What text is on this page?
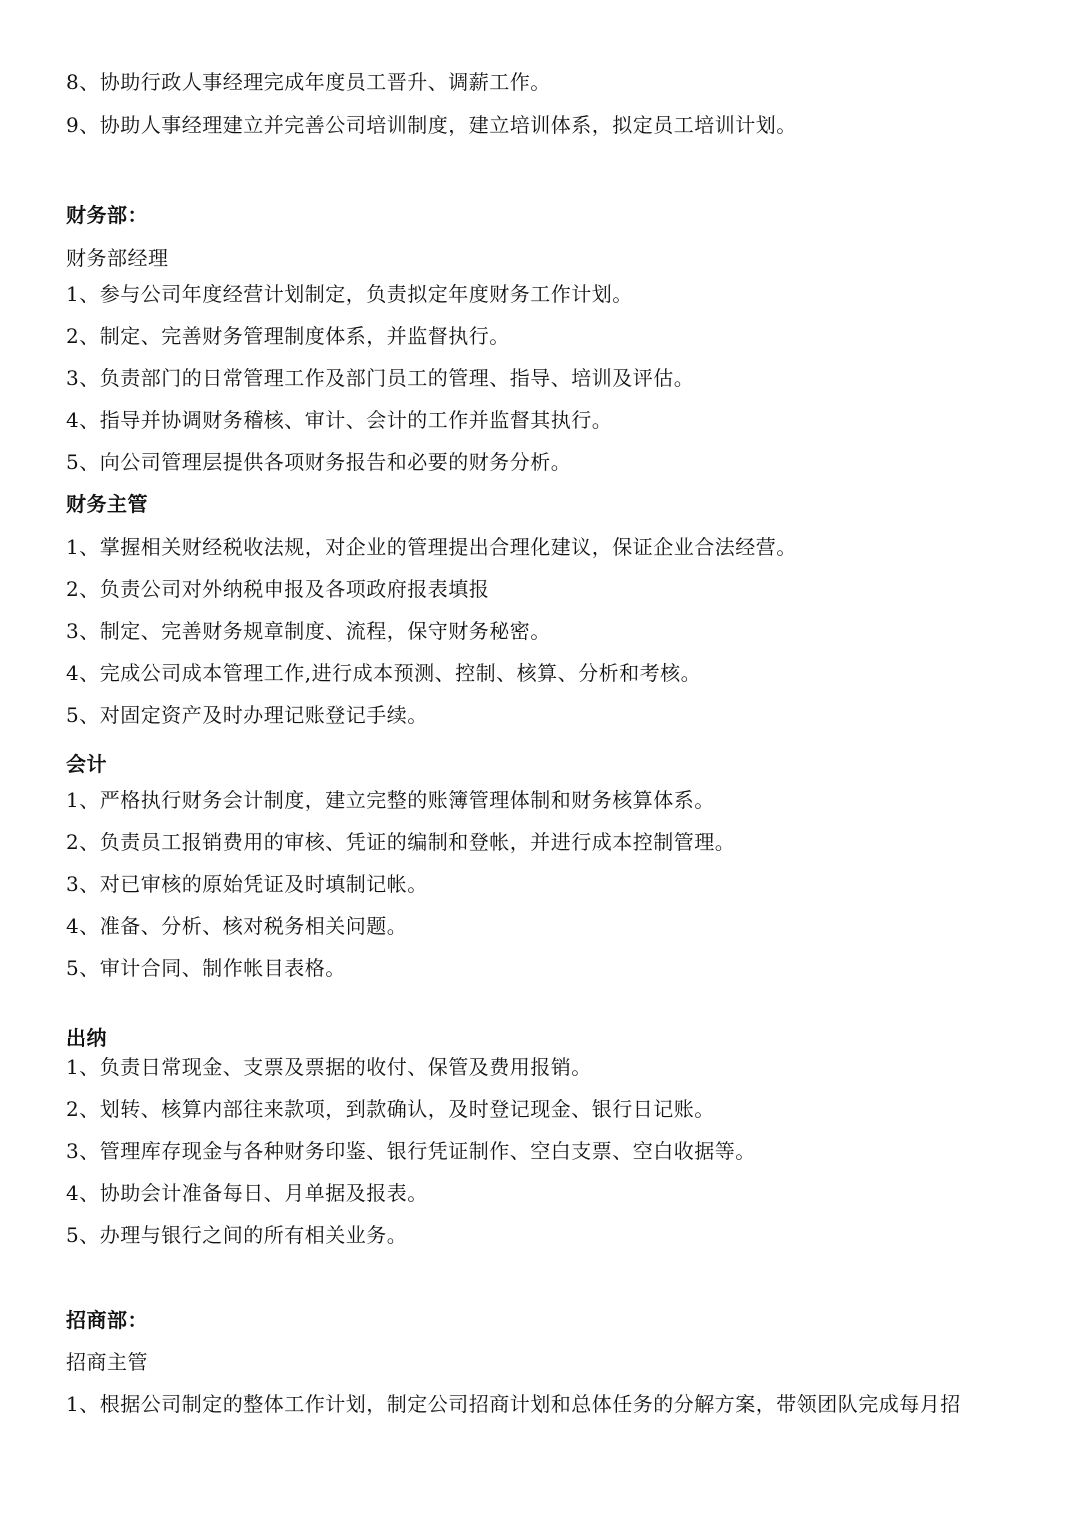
8、协助行政人事经理完成年度员工晋升、调薪工作。
9、协助人事经理建立并完善公司培训制度，建立培训体系，拟定员工培训计划。
财务部：
财务部经理
1、参与公司年度经营计划制定，负责拟定年度财务工作计划。
2、制定、完善财务管理制度体系，并监督执行。
3、负责部门的日常管理工作及部门员工的管理、指导、培训及评估。
4、指导并协调财务稽核、审计、会计的工作并监督其执行。
5、向公司管理层提供各项财务报告和必要的财务分析。
财务主管
1、掌握相关财经税收法规，对企业的管理提出合理化建议，保证企业合法经营。
2、负责公司对外纳税申报及各项政府报表填报
3、制定、完善财务规章制度、流程，保守财务秘密。
4、完成公司成本管理工作,进行成本预测、控制、核算、分析和考核。
5、对固定资产及时办理记账登记手续。
会计
1、严格执行财务会计制度，建立完整的账簿管理体制和财务核算体系。
2、负责员工报销费用的审核、凭证的编制和登帐，并进行成本控制管理。
3、对已审核的原始凭证及时填制记帐。
4、准备、分析、核对税务相关问题。
5、审计合同、制作帐目表格。
出纳
1、负责日常现金、支票及票据的收付、保管及费用报销。
2、划转、核算内部往来款项，到款确认，及时登记现金、银行日记账。
3、管理库存现金与各种财务印鉴、银行凭证制作、空白支票、空白收据等。
4、协助会计准备每日、月单据及报表。
5、办理与银行之间的所有相关业务。
招商部：
招商主管
1、根据公司制定的整体工作计划，制定公司招商计划和总体任务的分解方案，带领团队完成每月招
